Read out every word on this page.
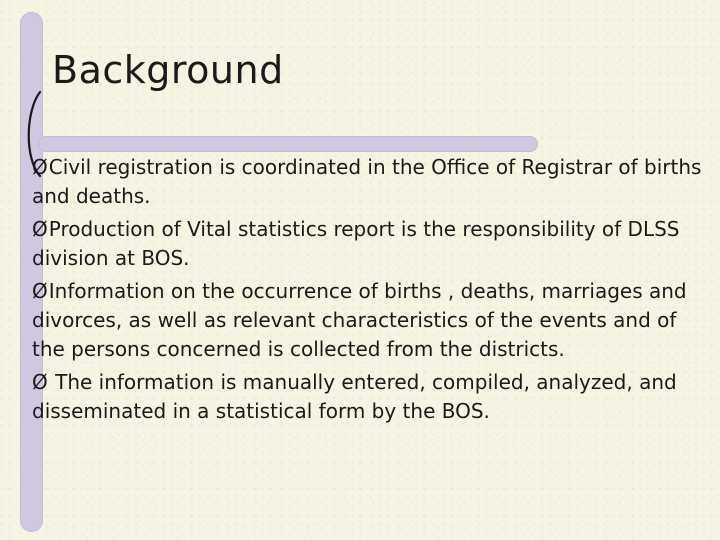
Background
ØCivil registration is coordinated in the Office of Registrar of births and deaths.
ØProduction of Vital statistics report is the responsibility of DLSS division at BOS.
ØInformation on the occurrence of births , deaths, marriages and divorces, as well as relevant characteristics of the events and of the persons concerned is collected from the districts.
Ø The information is manually entered, compiled, analyzed, and disseminated in a statistical form by the BOS.
